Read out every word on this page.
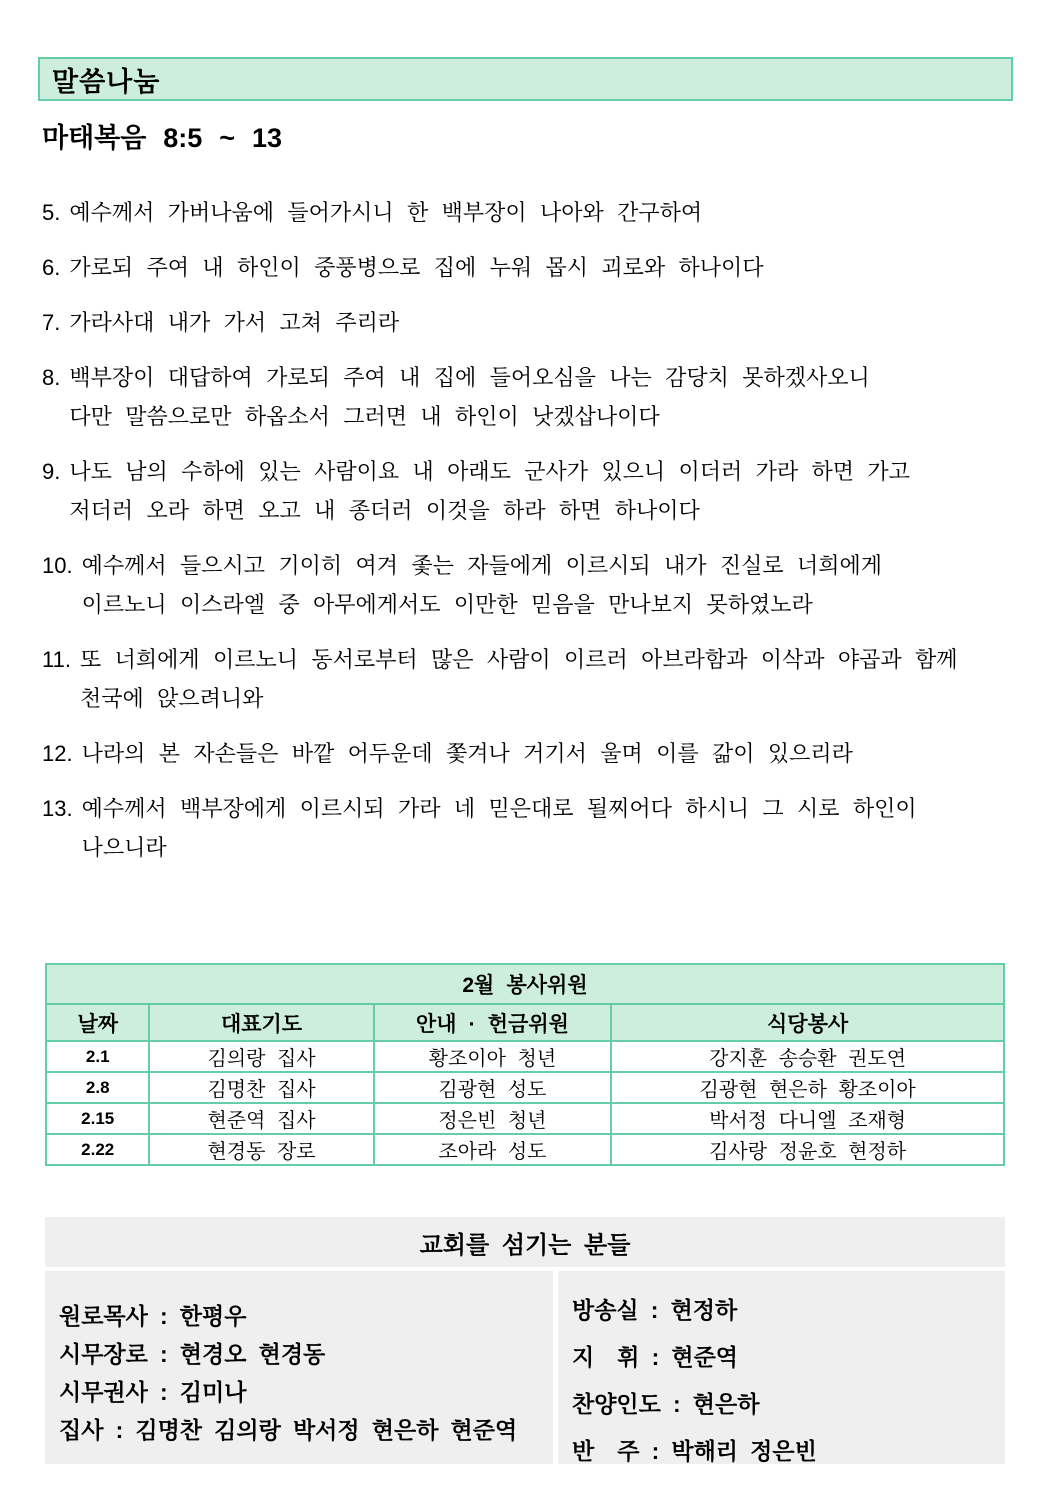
말씀나눔
마태복음 8:5 ~ 13
5. 예수께서 가버나움에 들어가시니 한 백부장이 나아와 간구하여
6. 가로되 주여 내 하인이 중풍병으로 집에 누워 몹시 괴로와 하나이다
7. 가라사대 내가 가서 고쳐 주리라
8. 백부장이 대답하여 가로되 주여 내 집에 들어오심을 나는 감당치 못하겠사오니
다만 말씀으로만 하옵소서 그러면 내 하인이 낫겠삽나이다
9. 나도 남의 수하에 있는 사람이요 내 아래도 군사가 있으니 이더러 가라 하면 가고
저더러 오라 하면 오고 내 종더러 이것을 하라 하면 하나이다
10. 예수께서 들으시고 기이히 여겨 좇는 자들에게 이르시되 내가 진실로 너희에게
이르노니 이스라엘 중 아무에게서도 이만한 믿음을 만나보지 못하였노라
11. 또 너희에게 이르노니 동서로부터 많은 사람이 이르러 아브라함과 이삭과 야곱과 함께
천국에 앉으려니와
12. 나라의 본 자손들은 바깥 어두운데 쫓겨나 거기서 울며 이를 갊이 있으리라
13. 예수께서 백부장에게 이르시되 가라 네 믿은대로 될찌어다 하시니 그 시로 하인이
나으니라
2월 봉사위원			
날짜	대표기도	안내 · 헌금위원	식당봉사
2.1	김의랑 집사	황조이아 청년	강지훈 송승환 권도연
2.8	김명찬 집사	김광현 성도	김광현 현은하 황조이아
2.15	현준역 집사	정은빈 청년	박서정 다니엘 조재형
2.22	현경동 장로	조아라 성도	김사랑 정윤호 현정하
교회를 섬기는 분들
원로목사 : 한평우
시무장로 : 현경오 현경동
시무권사 : 김미나
집사 : 김명찬 김의랑 박서정 현은하 현준역
방송실 : 현정하
지　휘 : 현준역
찬양인도 : 현은하
반　주 : 박해리 정은빈
